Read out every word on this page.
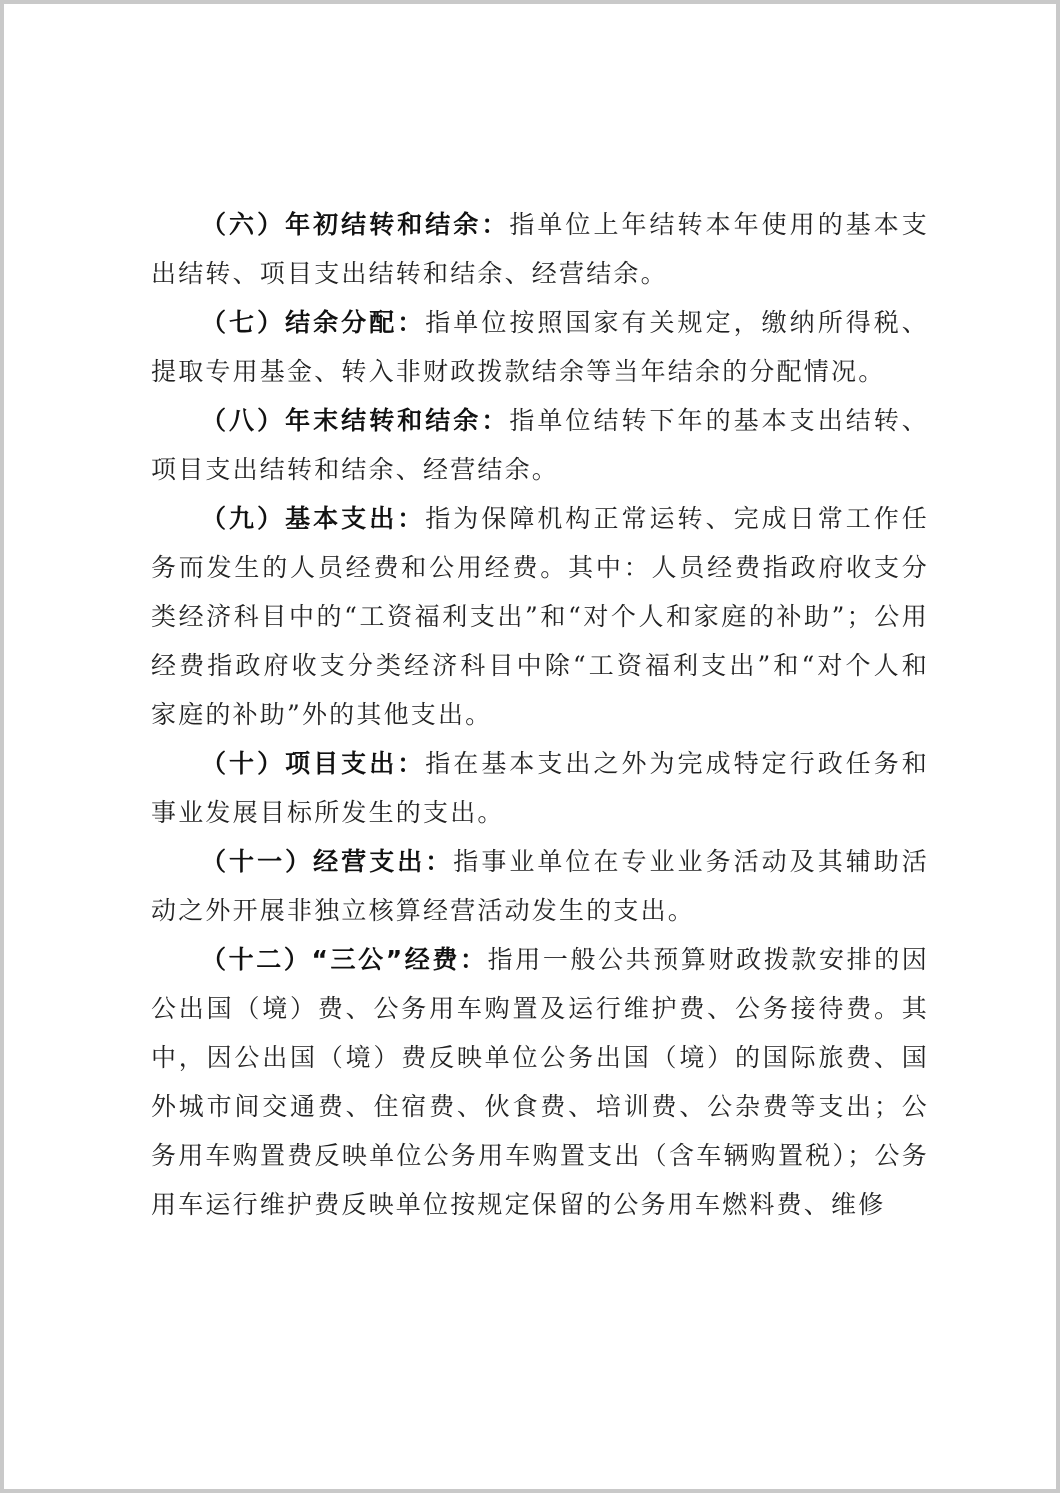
（六）年初结转和结余：指单位上年结转本年使用的基本支出结转、项目支出结转和结余、经营结余。

（七）结余分配：指单位按照国家有关规定，缴纳所得税、提取专用基金、转入非财政拨款结余等当年结余的分配情况。

（八）年末结转和结余：指单位结转下年的基本支出结转、项目支出结转和结余、经营结余。

（九）基本支出：指为保障机构正常运转、完成日常工作任务而发生的人员经费和公用经费。其中：人员经费指政府收支分类经济科目中的“工资福利支出”和“对个人和家庭的补助”；公用经费指政府收支分类经济科目中除“工资福利支出”和“对个人和家庭的补助”外的其他支出。

（十）项目支出：指在基本支出之外为完成特定行政任务和事业发展目标所发生的支出。

（十一）经营支出：指事业单位在专业业务活动及其辅助活动之外开展非独立核算经营活动发生的支出。

（十二）“三公”经费：指用一般公共预算财政拨款安排的因公出国（境）费、公务用车购置及运行维护费、公务接待费。其中，因公出国（境）费反映单位公务出国（境）的国际旅费、国外城市间交通费、住宿费、伙食费、培训费、公杂费等支出；公务用车购置费反映单位公务用车购置支出（含车辆购置税）；公务用车运行维护费反映单位按规定保留的公务用车燃料费、维修
